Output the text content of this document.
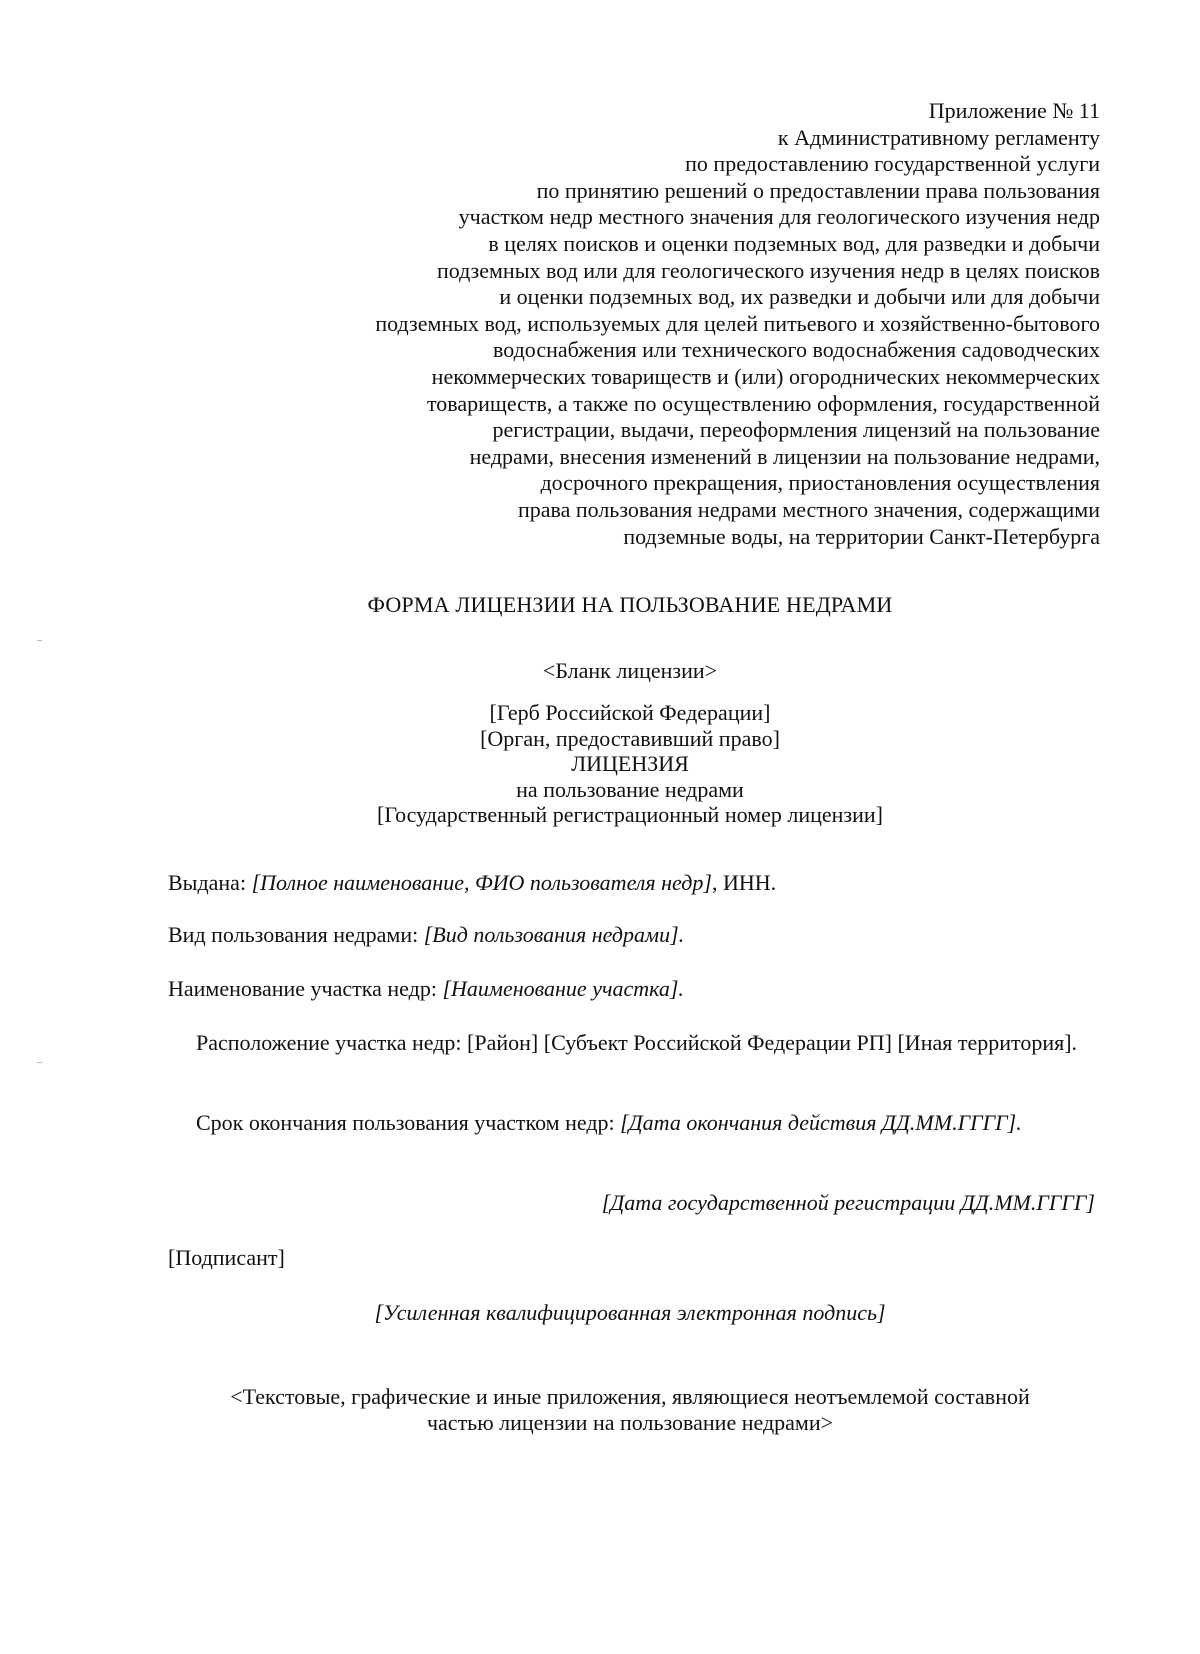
Приложение № 11
к Административному регламенту
по предоставлению государственной услуги
по принятию решений о предоставлении права пользования
участком недр местного значения для геологического изучения недр
в целях поисков и оценки подземных вод, для разведки и добычи
подземных вод или для геологического изучения недр в целях поисков
и оценки подземных вод, их разведки и добычи или для добычи
подземных вод, используемых для целей питьевого и хозяйственно-бытового
водоснабжения или технического водоснабжения садоводческих
некоммерческих товариществ и (или) огороднических некоммерческих
товариществ, а также по осуществлению оформления, государственной
регистрации, выдачи, переоформления лицензий на пользование
недрами, внесения изменений в лицензии на пользование недрами,
досрочного прекращения, приостановления осуществления
права пользования недрами местного значения, содержащими
подземные воды, на территории Санкт-Петербурга
ФОРМА ЛИЦЕНЗИИ НА ПОЛЬЗОВАНИЕ НЕДРАМИ
<Бланк лицензии>
[Герб Российской Федерации]
[Орган, предоставивший право]
ЛИЦЕНЗИЯ
на пользование недрами
[Государственный регистрационный номер лицензии]
Выдана: [Полное наименование, ФИО пользователя недр], ИНН.
Вид пользования недрами: [Вид пользования недрами].
Наименование участка недр: [Наименование участка].
Расположение участка недр: [Район] [Субъект Российской Федерации РП] [Иная территория].
Срок окончания пользования участком недр: [Дата окончания действия ДД.ММ.ГГГГ].
[Дата государственной регистрации ДД.ММ.ГГГГ]
[Подписант]
[Усиленная квалифицированная электронная подпись]
<Текстовые, графические и иные приложения, являющиеся неотъемлемой составной
частью лицензии на пользование недрами>
